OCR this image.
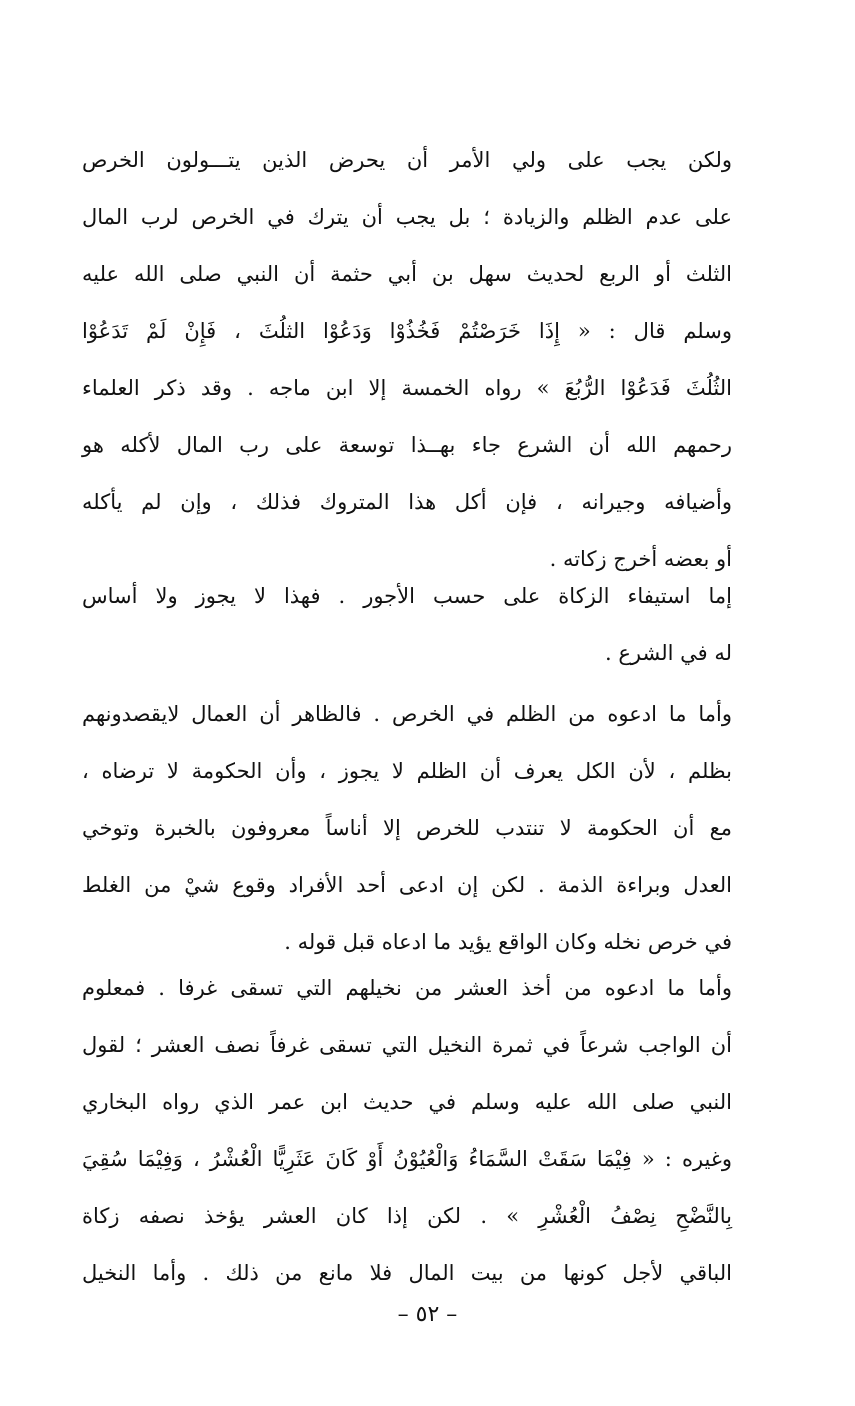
ولكن يجب على ولي الأمر أن يحرض الذين يتـــولون الخرص
على عدم الظلم والزيادة ؛ بل يجب أن يترك في الخرص لرب المال
الثلث أو الربع لحديث سهل بن أبي حثمة أن النبي صلى الله عليه
وسلم قال : « إِذَا خَرَصْتُمْ فَخُذُوْا وَدَعُوْا الثلُثَ ، فَإِنْ لَمْ تَدَعُوْا
الثُلُثَ فَدَعُوْا الرُّبُعَ » رواه الخمسة إلا ابن ماجه . وقد ذكر العلماء
رحمهم الله أن الشرع جاء بهــذا توسعة على رب المال لأكله هو
وأضيافه وجيرانه ، فإن أكل هذا المتروك فذلك ، وإن لم يأكله
أو بعضه أخرج زكاته .
إما استيفاء الزكاة على حسب الأجور . فهذا لا يجوز ولا أساس
له في الشرع .
وأما ما ادعوه من الظلم في الخرص . فالظاهر أن العمال لايقصدونهم
بظلم ، لأن الكل يعرف أن الظلم لا يجوز ، وأن الحكومة لا ترضاه ،
مع أن الحكومة لا تنتدب للخرص إلا أناساً معروفون بالخبرة وتوخي
العدل وبراءة الذمة . لكن إن ادعى أحد الأفراد وقوع شيْ من الغلط
في خرص نخله وكان الواقع يؤيد ما ادعاه قبل قوله .
وأما ما ادعوه من أخذ العشر من نخيلهم التي تسقى غرفا . فمعلوم
أن الواجب شرعاً في ثمرة النخيل التي تسقى غرفاً نصف العشر ؛ لقول
النبي صلى الله عليه وسلم في حديث ابن عمر الذي رواه البخاري
وغيره : « فِيْمَا سَقَتْ السَّمَاءُ وَالْعُيُوْنُ أَوْ كَانَ عَثَرِيًّا الْعُشْرُ ، وَفِيْمَا سُقِيَ
بِالنَّضْحِ نِصْفُ الْعُشْرِ » . لكن إذا كان العشر يؤخذ نصفه زكاة
الباقي لأجل كونها من بيت المال فلا مانع من ذلك . وأما النخيل
– ٥٢ –
